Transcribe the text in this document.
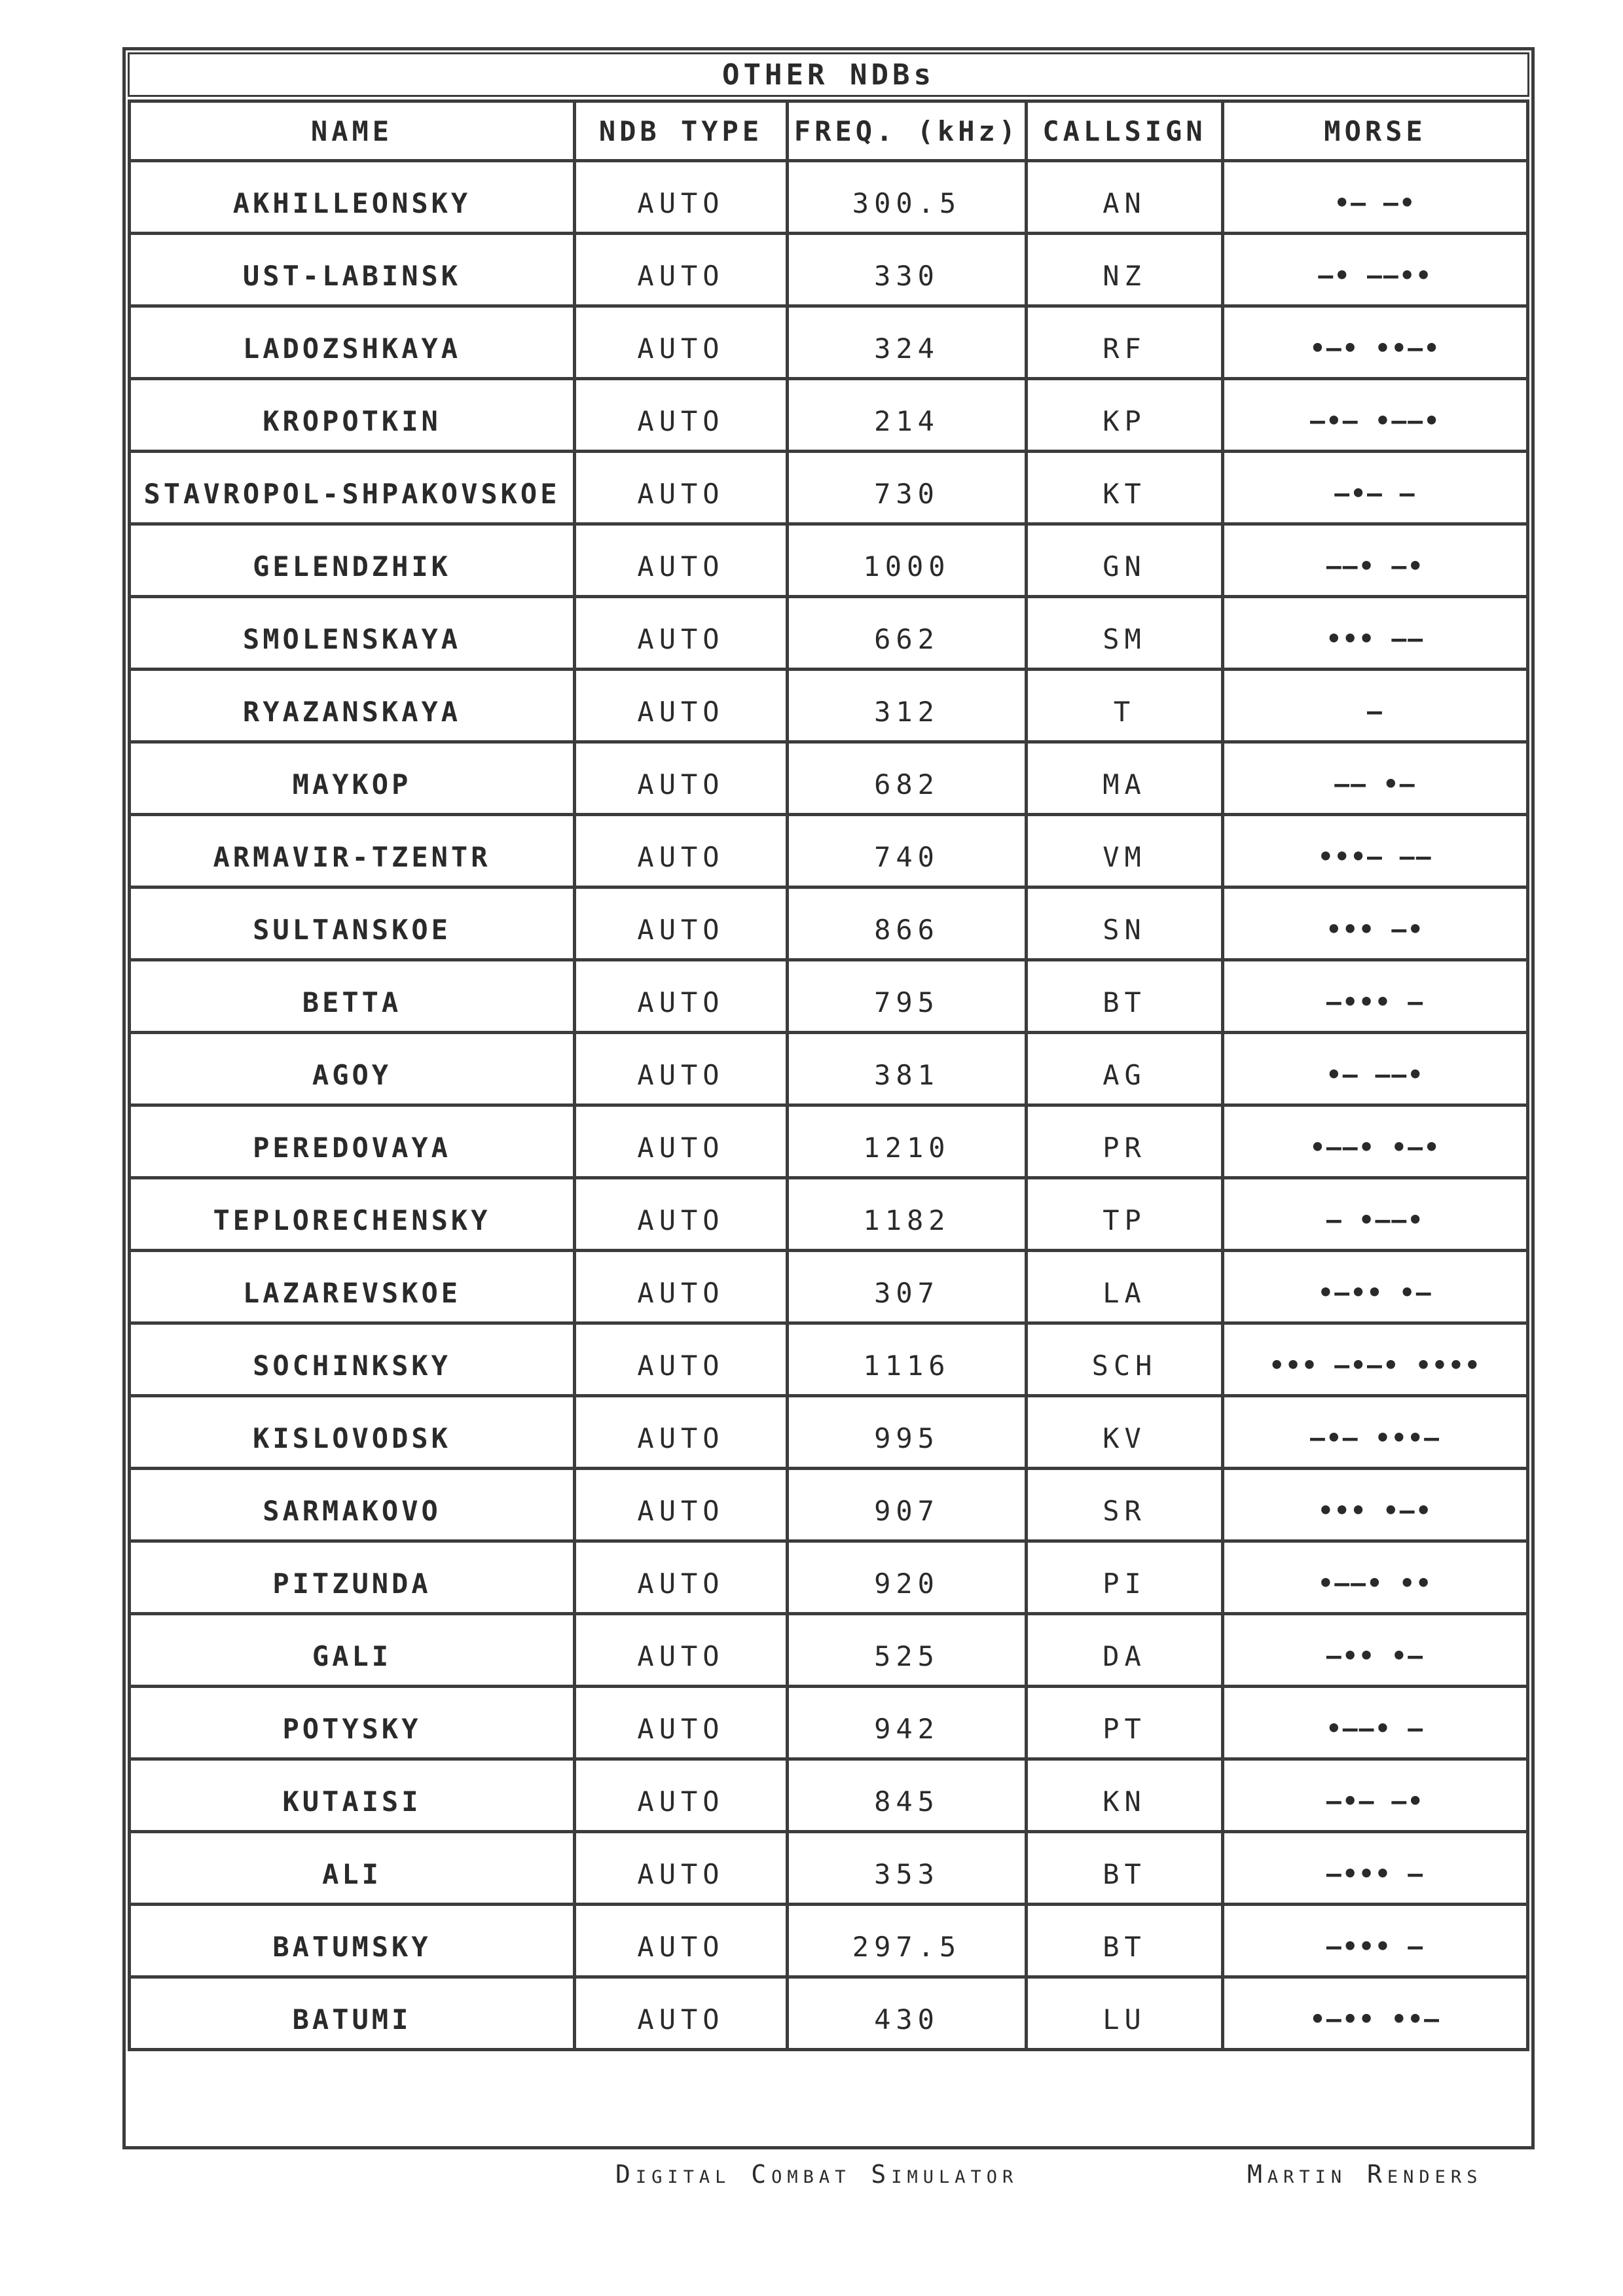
OTHER NDBs
NAME	NDB TYPE	FREQ. (kHz)	CALLSIGN	MORSE
AKHILLEONSKY	AUTO	300.5	AN	•– –•
UST-LABINSK	AUTO	330	NZ	–• ––••
LADOZSHKAYA	AUTO	324	RF	•–• ••–•
KROPOTKIN	AUTO	214	KP	–•– •––•
STAVROPOL-SHPAKOVSKOE	AUTO	730	KT	–•– –
GELENDZHIK	AUTO	1000	GN	––• –•
SMOLENSKAYA	AUTO	662	SM	••• ––
RYAZANSKAYA	AUTO	312	T	–
MAYKOP	AUTO	682	MA	–– •–
ARMAVIR-TZENTR	AUTO	740	VM	•••– ––
SULTANSKOE	AUTO	866	SN	••• –•
BETTA	AUTO	795	BT	–••• –
AGOY	AUTO	381	AG	•– ––•
PEREDOVAYA	AUTO	1210	PR	•––• •–•
TEPLORECHENSKY	AUTO	1182	TP	– •––•
LAZAREVSKOE	AUTO	307	LA	•–•• •–
SOCHINKSKY	AUTO	1116	SCH	••• –•–• ••••
KISLOVODSK	AUTO	995	KV	–•– •••–
SARMAKOVO	AUTO	907	SR	••• •–•
PITZUNDA	AUTO	920	PI	•––• ••
GALI	AUTO	525	DA	–•• •–
POTYSKY	AUTO	942	PT	•––• –
KUTAISI	AUTO	845	KN	–•– –•
ALI	AUTO	353	BT	–••• –
BATUMSKY	AUTO	297.5	BT	–••• –
BATUMI	AUTO	430	LU	•–•• ••–
Digital Combat Simulator	Martin Renders
